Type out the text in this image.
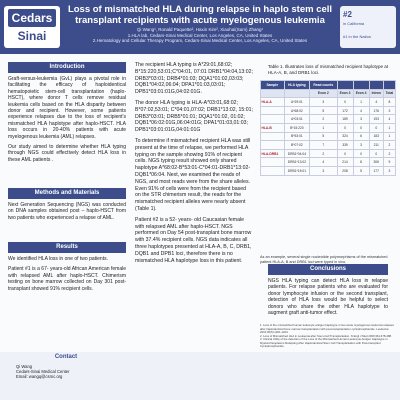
Cedars
Sinai
Loss of mismatched HLA during relapse in haplo stem cell transplant recipients with acute myelogenous leukemia
Qi Wang¹, Ronald Paquette², Haxin Kim², Xiaohai(Sam) Zhang¹
1.HLA lab, Cedars-Sinai Medical Center, Los Angeles, CA, United States
2.Hematology and Cellular Therapy Program, Cedars-Sinai Medical Center, Los Angeles, CA, United States
#2
in California
#1 in the Nation
Introduction

Graft-versus-leukemia (GvL) plays a pivotal role in facilitating the efficacy of haploidentical hematopoietic stem-cell transplantation (haplo-HSCT), where donor T cells remove residual leukemia cells based on the HLA disparity between donor and recipient. However, some patients experience relapses due to the loss of recipient's mismatched HLA haplotype after haplo-HSCT. HLA loss occurs in 20-40% patients with acute myelogenous leukemia (AML) relapses.

Our study aimed to determine whether HLA typing through NGS could effectively detect HLA loss in these AML patients .

Methods and Materials
Next Generation Sequencing (NGS) was conducted on DNA samples obtained post – haplo-HSCT from two patients who experienced a relapse of AML.
Results

We identified HLA loss in one of two patients.

Patient #1 is a 67- years-old African American female with relapsed AML after haplo-HSCT. Chimerism testing on bone marrow collected on Day 301 post-transplant showed 91% recipient cells.

The recipient HLA typing is A*29:01,68:02; B*15:220,53:01;C*04:01, 07:01 DRB1*04:04,13:02; DRB3*03:01; DRB4*01:03; DQA1*01:02,03:03; DQB1*04:02,06:04; DPA1*01:03,03:01; DPB1*03:01:01G,04:02:01G.

The donor HLA typing is HLA-A*03:01,68:02; B*07:02,53:01; C*04:01,07:02; DRB1*13:02, 15:01; DRB3*03:01; DRB5*01:01; DQA1*01:02, 01:02; DQB1*06:02:01G,06:04:01G; DPA1*01:03,01:03; DPB1*03:01:01G,04:01:01G

To determine if mismatched recipient HLA was still present at the time of relapse, we performed HLA typing on the sample showing 91% of recipient cells. NGS typing result showed only shared haplotype A*68:02-B*53:01-C*04:01-DRB1*13:02-DQB1*06:04. Next, we examined the reads of NGS, and most reads were from the share alleles. Even 91% of cells were from the recipient based on the STR chimerism result, the reads for the mismatched recipient alleles were nearly absent (Table 1).

Patient #2 is a 52- years- old Caucasian female with relapsed AML after haplo-HSCT. NGS performed on Day 54 post-transplant bone marrow with 37.4% recipient cells. NGS data indicates all three haplotypes presented at HLA-A, B, C, DRB1, DQB1 and DPB1 loci, therefore there is no mismatched HLA haplotype loss in this patient.

Table 1. Illustrates loss of mismatched recipient haplotype at HLA-A, B, and DRB1 loci.
Sample	HLA typing	Read counts				
		Exon 2	Exon 3	Exon 4	Intron	Total
HLA-A	A*29:01	3	0	1	4	8
	A*68:02	5	172	4	176	3
	A*03:01	2	189	3	193	4
HLA-B	B*15:220	1	0	0	0	1
	B*53:01	5	324	6	183	1
	B*07:02	7	339	3	211	2
HLA-DRB1	DRB1*04:04	2	0	0	0	2
	DRB1*13:02	4	214	8	306	9
	DRB1*15:01	3	208	5	177	3
As an example, several single nucleotide polymorphisms of the mismatched patient HLA-A, B and DRB1 loci were typed in vivo.
Conclusions
NGS HLA typing can detect HLA loss in relapse patients. For relapse patients who are evaluated for donor lymphocyte infusion or the second transplant, detection of HLA loss would be helpful to select donors who share the other HLA haplotype to augment graft anti-tumor effect.
1. Loss of the mismatched human leukocyte antigen haplotype in two acute myelogenous leukemia relapses after haploidentical bone marrow transplantation with post-transplantation cyclophosphamide. Leukemia 2016;30(5):1201-1204.
2. Loss of Mismatched HLA in Leukemia after Stem-Cell Transplantation. N Engl J Med 2009;361:478-488.
3. Clinical Utility of the detection of the Loss of the Mismatched Human Leukocyte Antigen Haplotype in Myeloid Neoplasms Relapsing After Haploidentical Stem Cell Transplantation with Post-transplant Cyclophosphamide.
Contact
Qi Wang
Cedars-Sinai Medical Center
Email: wangq@csmc.org
